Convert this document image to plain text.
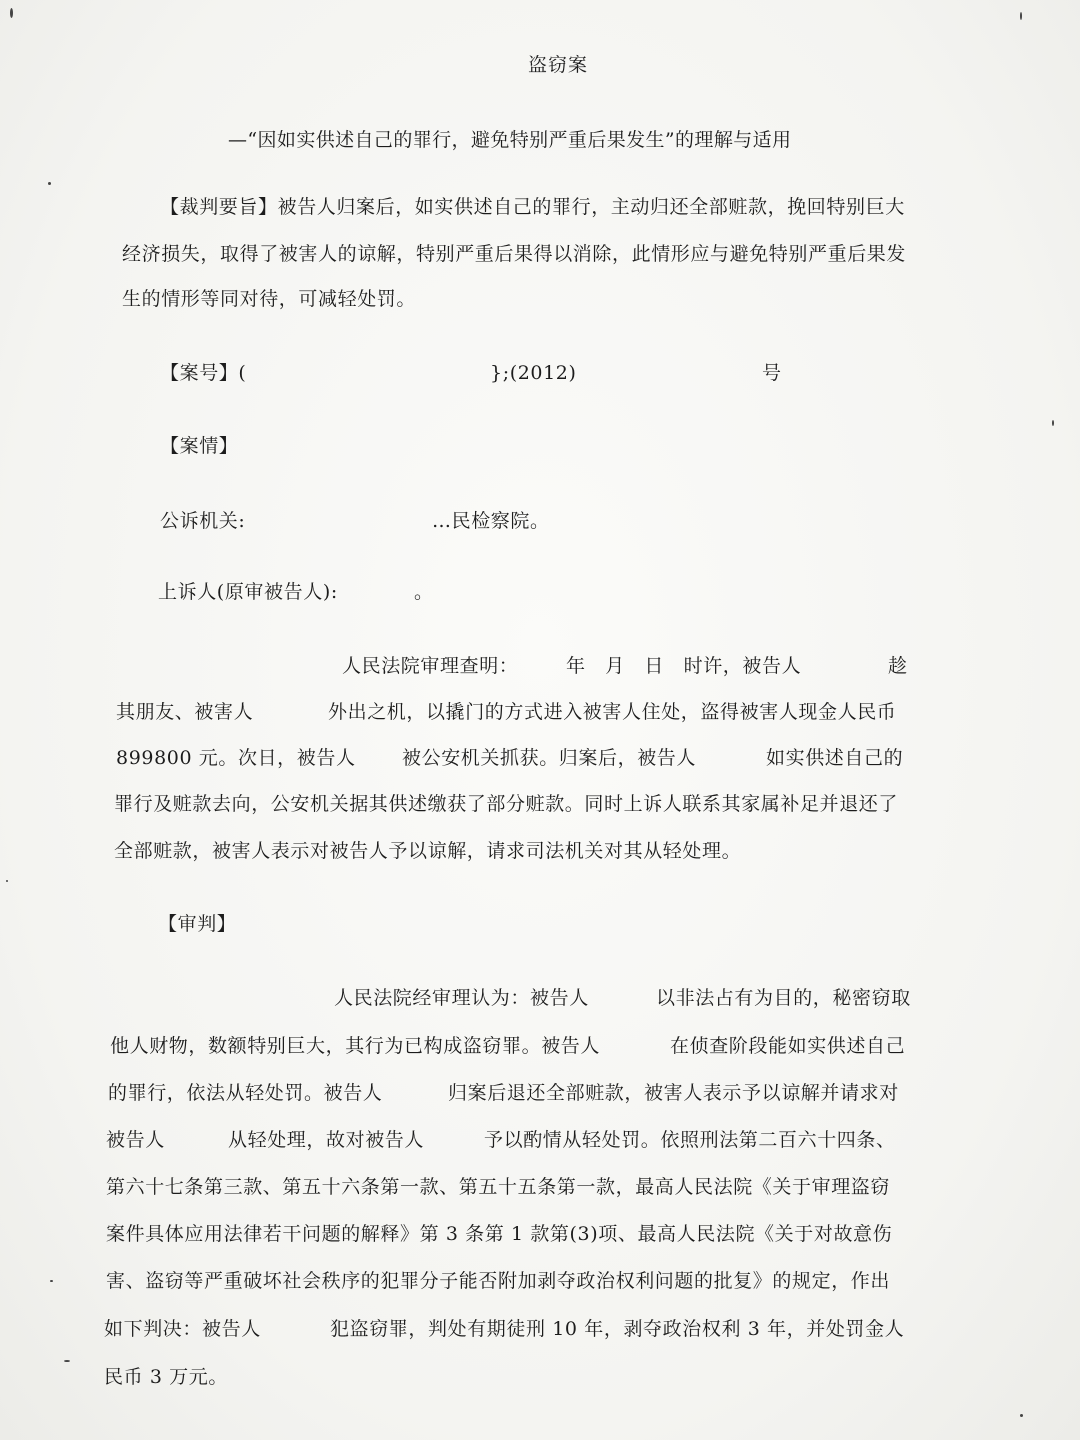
盗窃案
—“因如实供述自己的罪行，避免特别严重后果发生”的理解与适用
【裁判要旨】被告人归案后，如实供述自己的罪行，主动归还全部赃款，挽回特别巨大
经济损失，取得了被害人的谅解，特别严重后果得以消除，此情形应与避免特别严重后果发
生的情形等同对待，可减轻处罚。
【案号】(	};(2012)	号
【案情】
公诉机关:	…民检察院。
上诉人(原审被告人):	。
人民法院审理查明：	年　月　日　时许，被告人	趁
其朋友、被害人	外出之机，以撬门的方式进入被害人住处，盗得被害人现金人民币
899800 元。次日，被告人 被公安机关抓获。归案后，被告人	如实供述自己的
罪行及赃款去向，公安机关据其供述缴获了部分赃款。同时上诉人联系其家属补足并退还了
全部赃款，被害人表示对被告人予以谅解，请求司法机关对其从轻处理。
【审判】
人民法院经审理认为：被告人	以非法占有为目的，秘密窃取
他人财物，数额特别巨大，其行为已构成盗窃罪。被告人	在侦查阶段能如实供述自己
的罪行，依法从轻处罚。被告人	归案后退还全部赃款，被害人表示予以谅解并请求对
被告人	从轻处理，故对被告人	予以酌情从轻处罚。依照刑法第二百六十四条、
第六十七条第三款、第五十六条第一款、第五十五条第一款，最高人民法院《关于审理盗窃
案件具体应用法律若干问题的解释》第 3 条第 1 款第(3)项、最高人民法院《关于对故意伤
害、盗窃等严重破坏社会秩序的犯罪分子能否附加剥夺政治权利问题的批复》的规定，作出
如下判决：被告人	犯盗窃罪，判处有期徒刑 10 年，剥夺政治权利 3 年，并处罚金人
民币 3 万元。
